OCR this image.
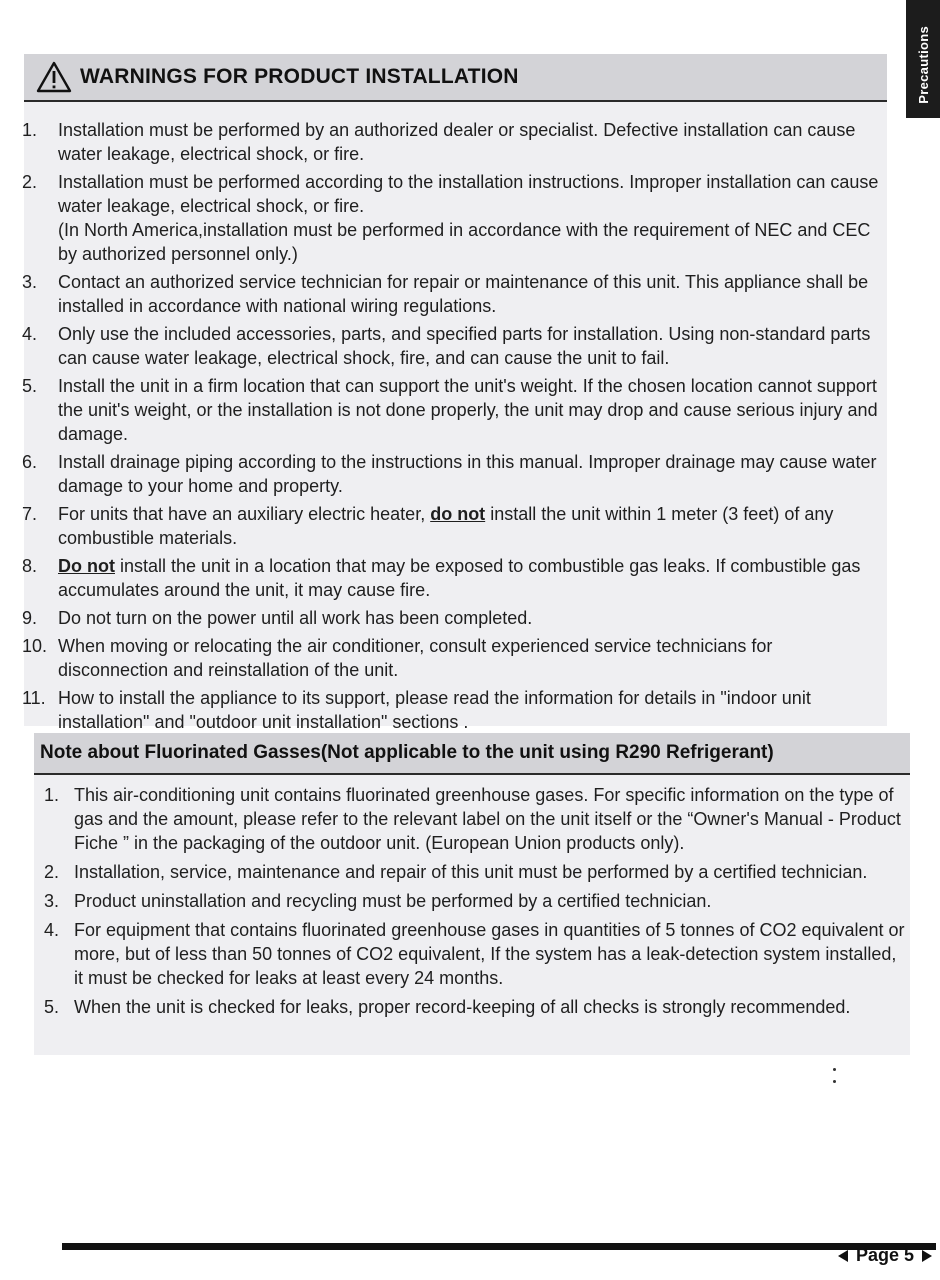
Precautions
WARNINGS FOR PRODUCT INSTALLATION
1. Installation must be performed by an authorized dealer or specialist. Defective installation can cause water leakage, electrical shock, or fire.
2. Installation must be performed according to the installation instructions. Improper installation can cause water leakage, electrical shock, or fire.
(In North America,installation must be performed in accordance with the requirement of NEC and CEC by authorized personnel only.)
3. Contact an authorized service technician for repair or maintenance of this unit. This appliance shall be installed in accordance with national wiring regulations.
4. Only use the included accessories, parts, and specified parts for installation. Using non-standard parts can cause water leakage, electrical shock, fire, and can cause the unit to fail.
5. Install the unit in a firm location that can support the unit's weight. If the chosen location cannot support the unit's weight, or the installation is not done properly, the unit may drop and cause serious injury and damage.
6. Install drainage piping according to the instructions in this manual. Improper drainage may cause water damage to your home and property.
7. For units that have an auxiliary electric heater, do not install the unit within 1 meter (3 feet) of any combustible materials.
8. Do not install the unit in a location that may be exposed to combustible gas leaks. If combustible gas accumulates around the unit, it may cause fire.
9. Do not turn on the power until all work has been completed.
10. When moving or relocating the air conditioner, consult experienced service technicians for disconnection and reinstallation of the unit.
11. How to install the appliance to its support, please read the information for details in "indoor unit installation" and "outdoor unit installation" sections .
Note about Fluorinated Gasses(Not applicable to the unit using R290 Refrigerant)
1. This air-conditioning unit contains fluorinated greenhouse gases. For specific information on the type of gas and the amount, please refer to the relevant label on the unit itself or the “Owner's Manual - Product Fiche ” in the packaging of the outdoor unit. (European Union products only).
2. Installation, service, maintenance and repair of this unit must be performed by a certified technician.
3. Product uninstallation and recycling must be performed by a certified technician.
4. For equipment that contains fluorinated greenhouse gases in quantities of 5 tonnes of CO2 equivalent or more, but of less than 50 tonnes of CO2 equivalent, If the system has a leak-detection system installed, it must be checked for leaks at least every 24 months.
5. When the unit is checked for leaks, proper record-keeping of all checks is strongly recommended.
Page 5
